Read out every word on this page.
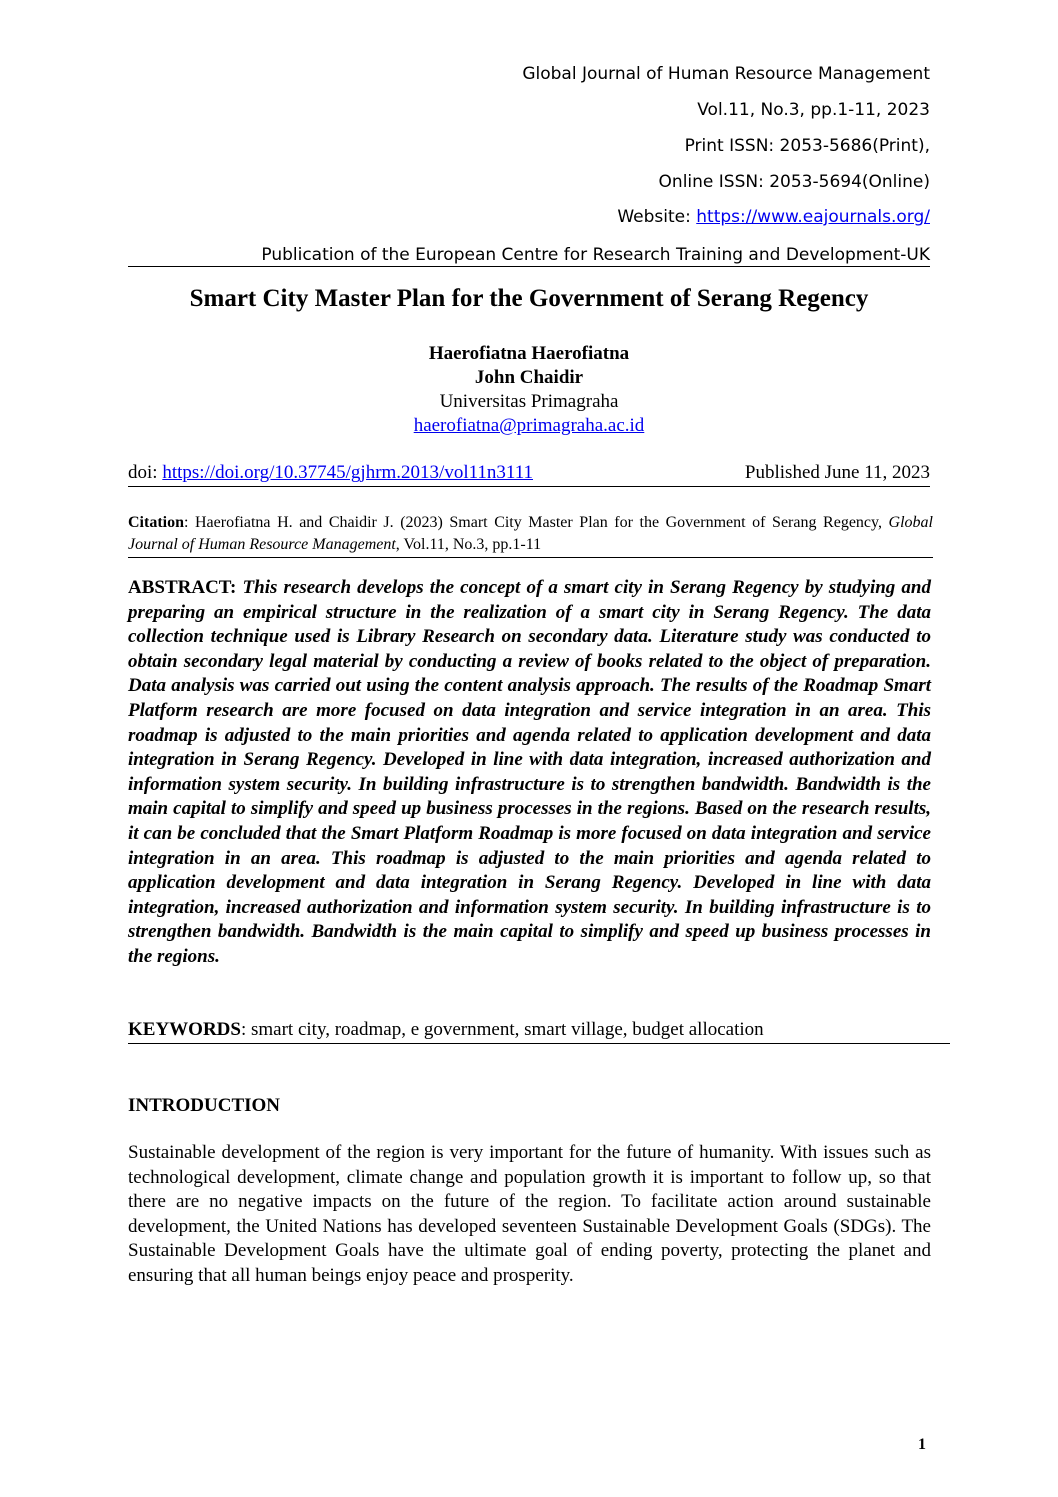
Global Journal of Human Resource Management
Vol.11, No.3, pp.1-11, 2023
Print ISSN: 2053-5686(Print),
Online ISSN: 2053-5694(Online)
Website: https://www.eajournals.org/
Publication of the European Centre for Research Training and Development-UK
Smart City Master Plan for the Government of Serang Regency
Haerofiatna Haerofiatna
John Chaidir
Universitas Primagraha
haerofiatna@primagraha.ac.id
doi: https://doi.org/10.37745/gjhrm.2013/vol11n3111	Published June 11, 2023
Citation: Haerofiatna H. and Chaidir J. (2023) Smart City Master Plan for the Government of Serang Regency, Global Journal of Human Resource Management, Vol.11, No.3, pp.1-11
ABSTRACT: This research develops the concept of a smart city in Serang Regency by studying and preparing an empirical structure in the realization of a smart city in Serang Regency. The data collection technique used is Library Research on secondary data. Literature study was conducted to obtain secondary legal material by conducting a review of books related to the object of preparation. Data analysis was carried out using the content analysis approach. The results of the Roadmap Smart Platform research are more focused on data integration and service integration in an area. This roadmap is adjusted to the main priorities and agenda related to application development and data integration in Serang Regency. Developed in line with data integration, increased authorization and information system security. In building infrastructure is to strengthen bandwidth. Bandwidth is the main capital to simplify and speed up business processes in the regions. Based on the research results, it can be concluded that the Smart Platform Roadmap is more focused on data integration and service integration in an area. This roadmap is adjusted to the main priorities and agenda related to application development and data integration in Serang Regency. Developed in line with data integration, increased authorization and information system security. In building infrastructure is to strengthen bandwidth. Bandwidth is the main capital to simplify and speed up business processes in the regions.
KEYWORDS: smart city, roadmap, e government, smart village, budget allocation
INTRODUCTION
Sustainable development of the region is very important for the future of humanity. With issues such as technological development, climate change and population growth it is important to follow up, so that there are no negative impacts on the future of the region. To facilitate action around sustainable development, the United Nations has developed seventeen Sustainable Development Goals (SDGs). The Sustainable Development Goals have the ultimate goal of ending poverty, protecting the planet and ensuring that all human beings enjoy peace and prosperity.
1
